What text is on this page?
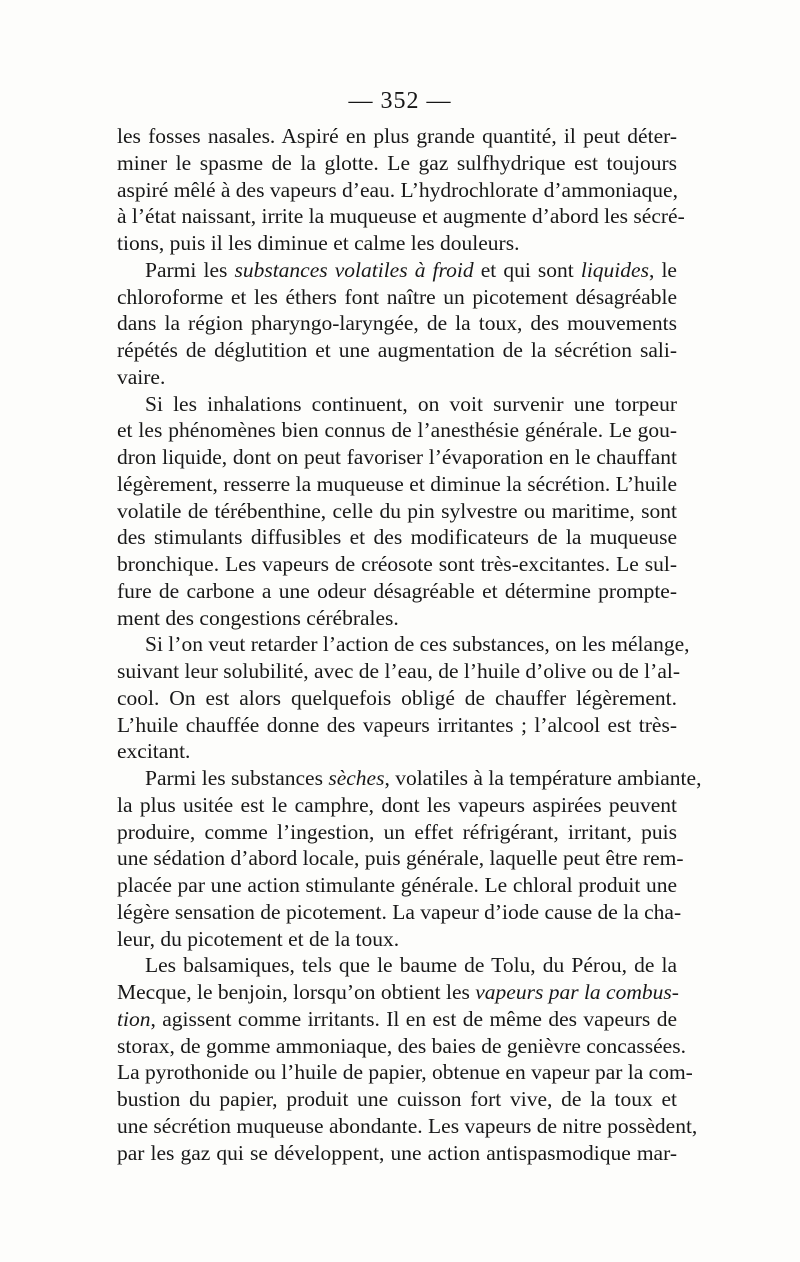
— 352 —
les fosses nasales. Aspiré en plus grande quantité, il peut déter-
miner le spasme de la glotte. Le gaz sulfhydrique est toujours
aspiré mêlé à des vapeurs d’eau. L’hydrochlorate d’ammoniaque,
à l’état naissant, irrite la muqueuse et augmente d’abord les sécré-
tions, puis il les diminue et calme les douleurs.
Parmi les substances volatiles à froid et qui sont liquides, le
chloroforme et les éthers font naître un picotement désagréable
dans la région pharyngo-laryngée, de la toux, des mouvements
répétés de déglutition et une augmentation de la sécrétion sali-
vaire.
Si les inhalations continuent, on voit survenir une torpeur
et les phénomènes bien connus de l’anesthésie générale. Le gou-
dron liquide, dont on peut favoriser l’évaporation en le chauffant
légèrement, resserre la muqueuse et diminue la sécrétion. L’huile
volatile de térébenthine, celle du pin sylvestre ou maritime, sont
des stimulants diffusibles et des modificateurs de la muqueuse
bronchique. Les vapeurs de créosote sont très-excitantes. Le sul-
fure de carbone a une odeur désagréable et détermine prompte-
ment des congestions cérébrales.
Si l’on veut retarder l’action de ces substances, on les mélange,
suivant leur solubilité, avec de l’eau, de l’huile d’olive ou de l’al-
cool. On est alors quelquefois obligé de chauffer légèrement.
L’huile chauffée donne des vapeurs irritantes ; l’alcool est très-
excitant.
Parmi les substances sèches, volatiles à la température ambiante,
la plus usitée est le camphre, dont les vapeurs aspirées peuvent
produire, comme l’ingestion, un effet réfrigérant, irritant, puis
une sédation d’abord locale, puis générale, laquelle peut être rem-
placée par une action stimulante générale. Le chloral produit une
légère sensation de picotement. La vapeur d’iode cause de la cha-
leur, du picotement et de la toux.
Les balsamiques, tels que le baume de Tolu, du Pérou, de la
Mecque, le benjoin, lorsqu’on obtient les vapeurs par la combus-
tion, agissent comme irritants. Il en est de même des vapeurs de
storax, de gomme ammoniaque, des baies de genièvre concassées.
La pyrothonide ou l’huile de papier, obtenue en vapeur par la com-
bustion du papier, produit une cuisson fort vive, de la toux et
une sécrétion muqueuse abondante. Les vapeurs de nitre possèdent,
par les gaz qui se développent, une action antispasmodique mar-
